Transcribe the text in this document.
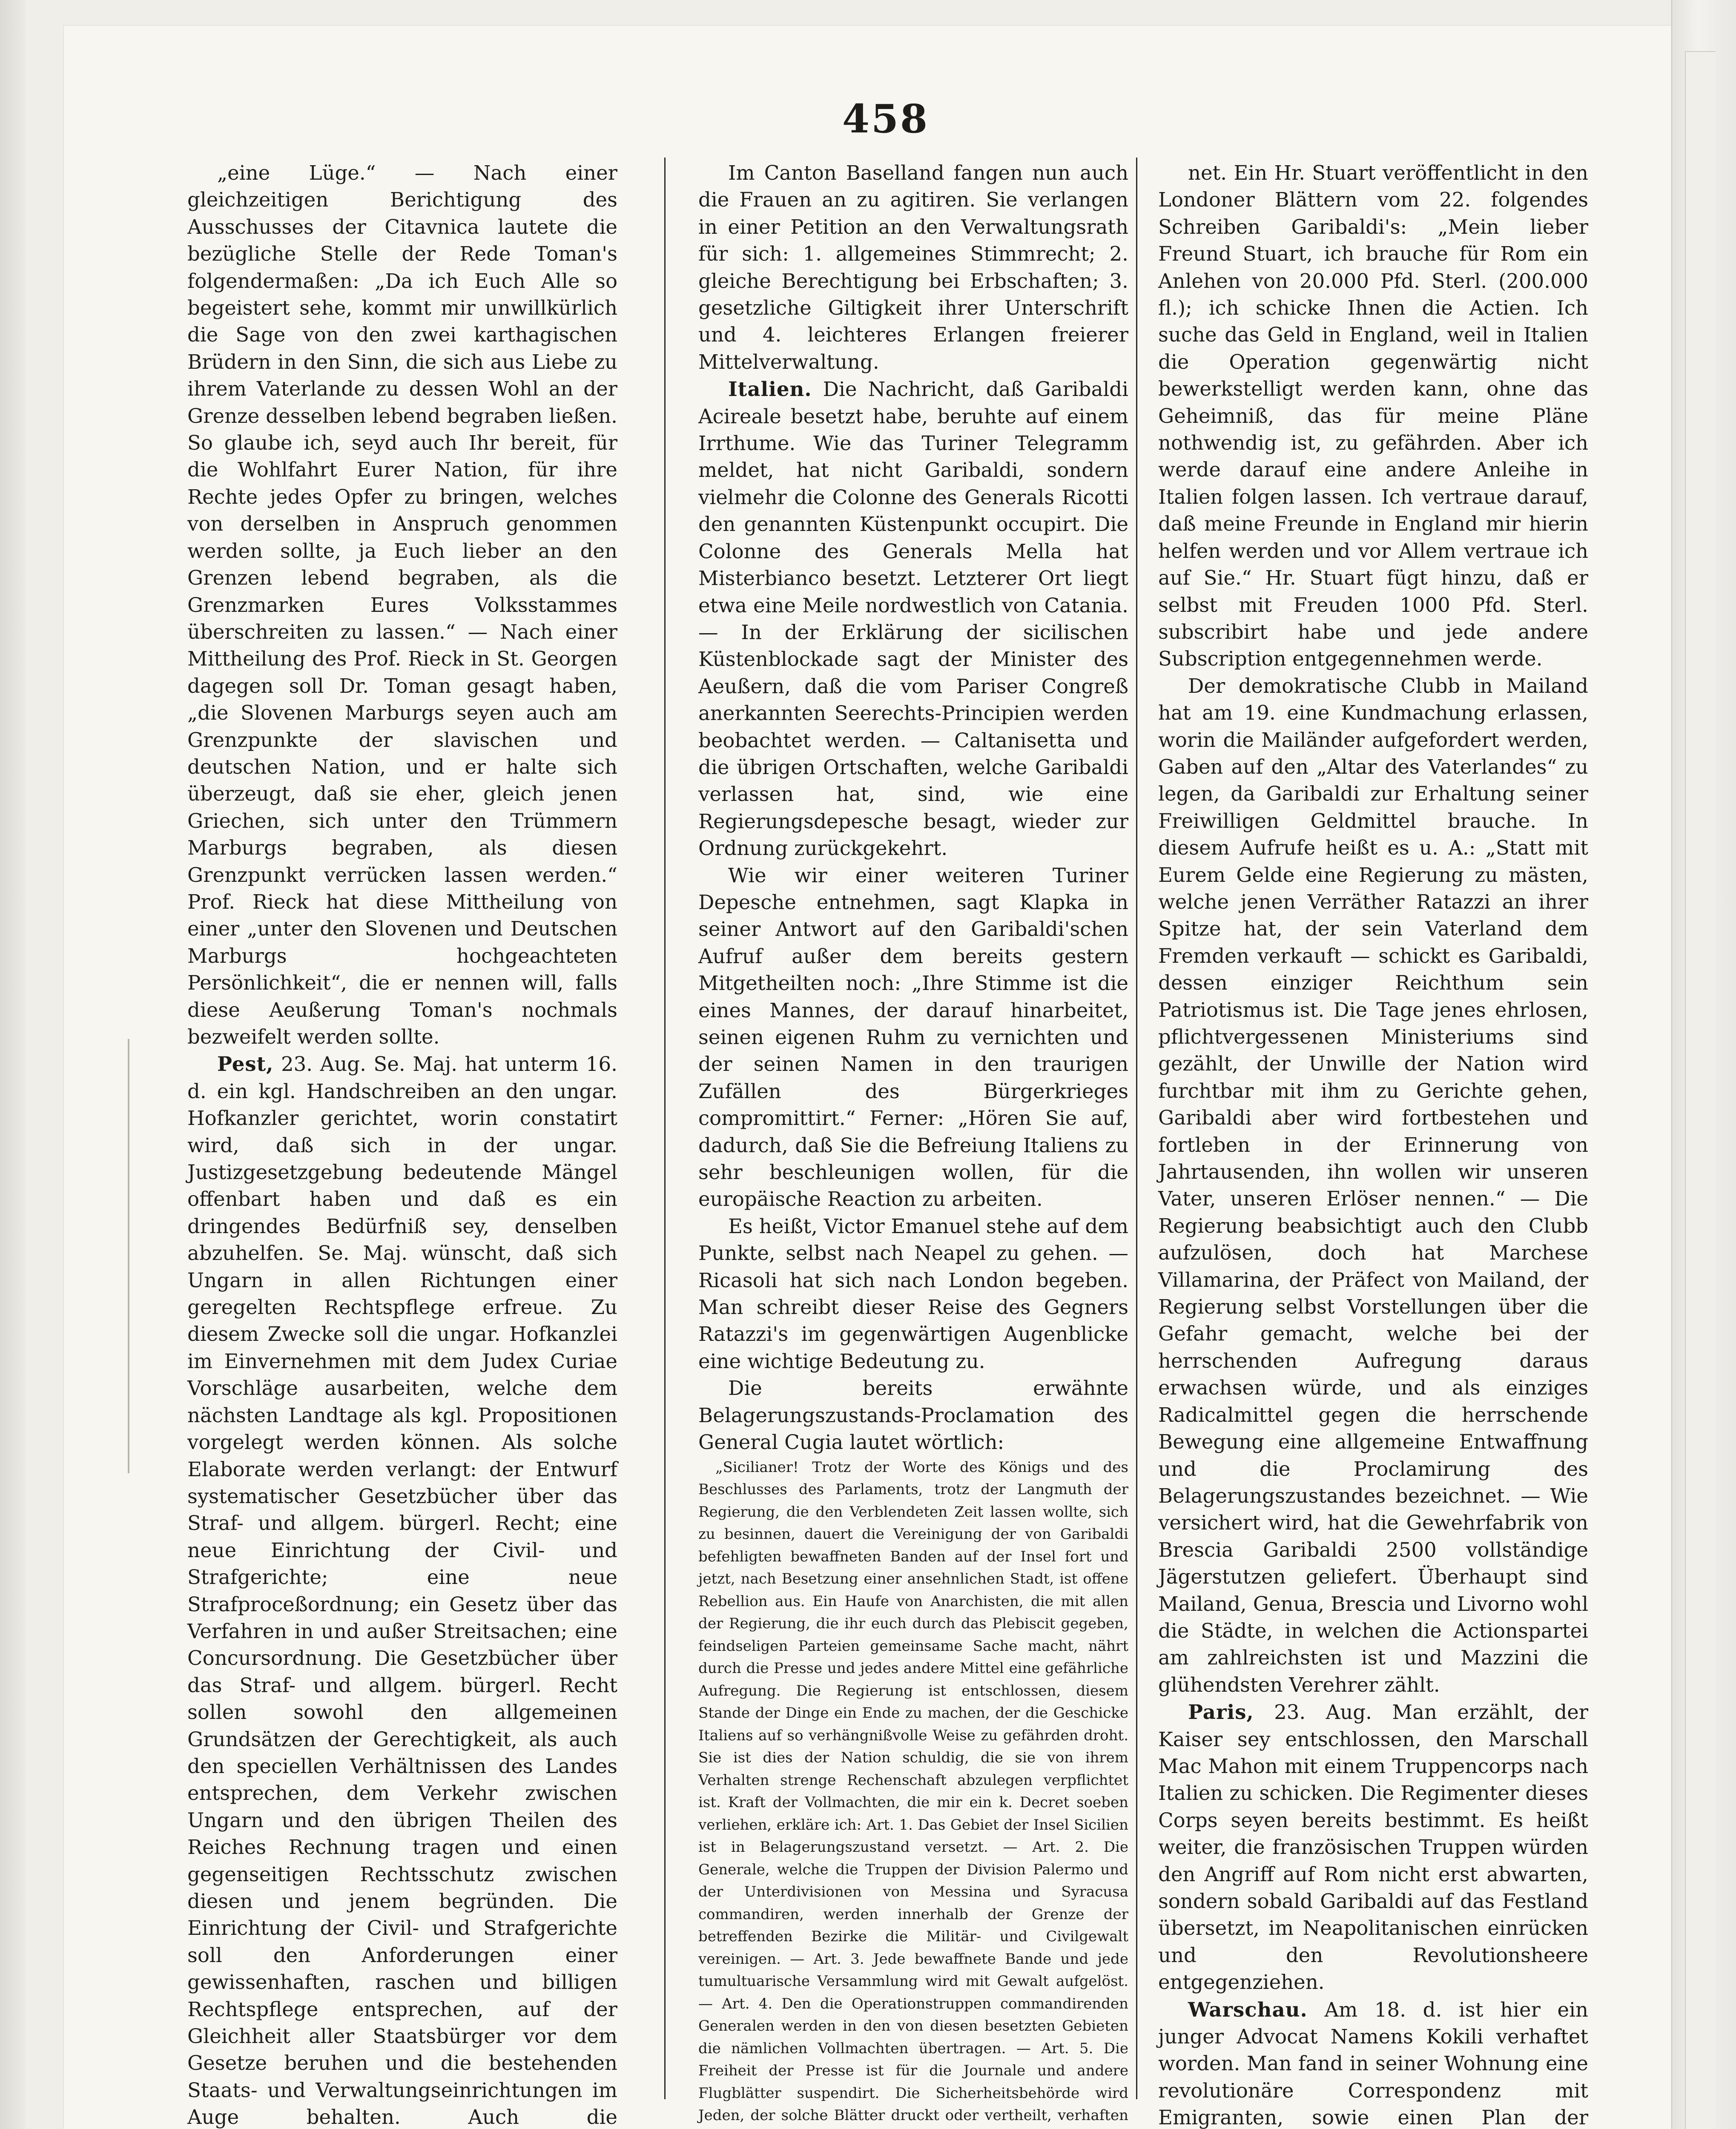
458

„eine Lüge.“ — Nach einer gleichzeitigen Berichtigung des Ausschusses der Citavnica lautete die bezügliche Stelle der Rede Toman's folgendermaßen: „Da ich Euch Alle so begeistert sehe, kommt mir unwillkürlich die Sage von den zwei karthagischen Brüdern in den Sinn, die sich aus Liebe zu ihrem Vaterlande zu dessen Wohl an der Grenze desselben lebend begraben ließen. So glaube ich, seyd auch Ihr bereit, für die Wohlfahrt Eurer Nation, für ihre Rechte jedes Opfer zu bringen, welches von derselben in Anspruch genommen werden sollte, ja Euch lieber an den Grenzen lebend begraben, als die Grenzmarken Eures Volksstammes überschreiten zu lassen.“ — Nach einer Mittheilung des Prof. Rieck in St. Georgen dagegen soll Dr. Toman gesagt haben, „die Slovenen Marburgs seyen auch am Grenzpunkte der slavischen und deutschen Nation, und er halte sich überzeugt, daß sie eher, gleich jenen Griechen, sich unter den Trümmern Marburgs begraben, als diesen Grenzpunkt verrücken lassen werden.“ Prof. Rieck hat diese Mittheilung von einer „unter den Slovenen und Deutschen Marburgs hochgeachteten Persönlichkeit“, die er nennen will, falls diese Aeußerung Toman's nochmals bezweifelt werden sollte.

Pest, 23. Aug. Se. Maj. hat unterm 16. d. ein kgl. Handschreiben an den ungar. Hofkanzler gerichtet, worin constatirt wird, daß sich in der ungar. Justizgesetzgebung bedeutende Mängel offenbart haben und daß es ein dringendes Bedürfniß sey, denselben abzuhelfen. Se. Maj. wünscht, daß sich Ungarn in allen Richtungen einer geregelten Rechtspflege erfreue. Zu diesem Zwecke soll die ungar. Hofkanzlei im Einvernehmen mit dem Judex Curiae Vorschläge ausarbeiten, welche dem nächsten Landtage als kgl. Propositionen vorgelegt werden können. Als solche Elaborate werden verlangt: der Entwurf systematischer Gesetzbücher über das Straf- und allgem. bürgerl. Recht; eine neue Einrichtung der Civil- und Strafgerichte; eine neue Strafproceßordnung; ein Gesetz über das Verfahren in und außer Streitsachen; eine Concursordnung. Die Gesetzbücher über das Straf- und allgem. bürgerl. Recht sollen sowohl den allgemeinen Grundsätzen der Gerechtigkeit, als auch den speciellen Verhältnissen des Landes entsprechen, dem Verkehr zwischen Ungarn und den übrigen Theilen des Reiches Rechnung tragen und einen gegenseitigen Rechtsschutz zwischen diesen und jenem begründen. Die Einrichtung der Civil- und Strafgerichte soll den Anforderungen einer gewissenhaften, raschen und billigen Rechtspflege entsprechen, auf der Gleichheit aller Staatsbürger vor dem Gesetze beruhen und die bestehenden Staats- und Verwaltungseinrichtungen im Auge behalten. Auch die

Im Canton Baselland fangen nun auch die Frauen an zu agitiren. Sie verlangen in einer Petition an den Verwaltungsrath für sich: 1. allgemeines Stimmrecht; 2. gleiche Berechtigung bei Erbschaften; 3. gesetzliche Giltigkeit ihrer Unterschrift und 4. leichteres Erlangen freierer Mittelverwaltung.

Italien. Die Nachricht, daß Garibaldi Acireale besetzt habe, beruhte auf einem Irrthume. Wie das Turiner Telegramm meldet, hat nicht Garibaldi, sondern vielmehr die Colonne des Generals Ricotti den genannten Küstenpunkt occupirt. Die Colonne des Generals Mella hat Misterbianco besetzt. Letzterer Ort liegt etwa eine Meile nordwestlich von Catania. — In der Erklärung der sicilischen Küstenblockade sagt der Minister des Aeußern, daß die vom Pariser Congreß anerkannten Seerechts-Principien werden beobachtet werden. — Caltanisetta und die übrigen Ortschaften, welche Garibaldi verlassen hat, sind, wie eine Regierungsdepesche besagt, wieder zur Ordnung zurückgekehrt.

Wie wir einer weiteren Turiner Depesche entnehmen, sagt Klapka in seiner Antwort auf den Garibaldi'schen Aufruf außer dem bereits gestern Mitgetheilten noch: „Ihre Stimme ist die eines Mannes, der darauf hinarbeitet, seinen eigenen Ruhm zu vernichten und der seinen Namen in den traurigen Zufällen des Bürgerkrieges compromittirt.“ Ferner: „Hören Sie auf, dadurch, daß Sie die Befreiung Italiens zu sehr beschleunigen wollen, für die europäische Reaction zu arbeiten.

Es heißt, Victor Emanuel stehe auf dem Punkte, selbst nach Neapel zu gehen. — Ricasoli hat sich nach London begeben. Man schreibt dieser Reise des Gegners Ratazzi's im gegenwärtigen Augenblicke eine wichtige Bedeutung zu.

Die bereits erwähnte Belagerungszustands-Proclamation des General Cugia lautet wörtlich:

„Sicilianer! Trotz der Worte des Königs und des Beschlusses des Parlaments, trotz der Langmuth der Regierung, die den Verblendeten Zeit lassen wollte, sich zu besinnen, dauert die Vereinigung der von Garibaldi befehligten bewaffneten Banden auf der Insel fort und jetzt, nach Besetzung einer ansehnlichen Stadt, ist offene Rebellion aus. Ein Haufe von Anarchisten, die mit allen der Regierung, die ihr euch durch das Plebiscit gegeben, feindseligen Parteien gemeinsame Sache macht, nährt durch die Presse und jedes andere Mittel eine gefährliche Aufregung. Die Regierung ist entschlossen, diesem Stande der Dinge ein Ende zu machen, der die Geschicke Italiens auf so verhängnißvolle Weise zu gefährden droht. Sie ist dies der Nation schuldig, die sie von ihrem Verhalten strenge Rechenschaft abzulegen verpflichtet ist. Kraft der Vollmachten, die mir ein k. Decret soeben verliehen, erkläre ich: Art. 1. Das Gebiet der Insel Sicilien ist in Belagerungszustand versetzt. — Art. 2. Die Generale, welche die Truppen der Division Palermo und der Unterdivisionen von Messina und Syracusa commandiren, werden innerhalb der Grenze der betreffenden Bezirke die Militär- und Civilgewalt vereinigen. — Art. 3. Jede bewaffnete Bande und jede tumultuarische Versammlung wird mit Gewalt aufgelöst. — Art. 4. Den die Operationstruppen commandirenden Generalen werden in den von diesen besetzten Gebieten die nämlichen Vollmachten übertragen. — Art. 5. Die Freiheit der Presse ist für die Journale und andere Flugblätter suspendirt. Die Sicherheitsbehörde wird Jeden, der solche Blätter druckt oder vertheilt, verhaften

net. Ein Hr. Stuart veröffentlicht in den Londoner Blättern vom 22. folgendes Schreiben Garibaldi's: „Mein lieber Freund Stuart, ich brauche für Rom ein Anlehen von 20.000 Pfd. Sterl. (200.000 fl.); ich schicke Ihnen die Actien. Ich suche das Geld in England, weil in Italien die Operation gegenwärtig nicht bewerkstelligt werden kann, ohne das Geheimniß, das für meine Pläne nothwendig ist, zu gefährden. Aber ich werde darauf eine andere Anleihe in Italien folgen lassen. Ich vertraue darauf, daß meine Freunde in England mir hierin helfen werden und vor Allem vertraue ich auf Sie.“ Hr. Stuart fügt hinzu, daß er selbst mit Freuden 1000 Pfd. Sterl. subscribirt habe und jede andere Subscription entgegennehmen werde.

Der demokratische Clubb in Mailand hat am 19. eine Kundmachung erlassen, worin die Mailänder aufgefordert werden, Gaben auf den „Altar des Vaterlandes“ zu legen, da Garibaldi zur Erhaltung seiner Freiwilligen Geldmittel brauche. In diesem Aufrufe heißt es u. A.: „Statt mit Eurem Gelde eine Regierung zu mästen, welche jenen Verräther Ratazzi an ihrer Spitze hat, der sein Vaterland dem Fremden verkauft — schickt es Garibaldi, dessen einziger Reichthum sein Patriotismus ist. Die Tage jenes ehrlosen, pflichtvergessenen Ministeriums sind gezählt, der Unwille der Nation wird furchtbar mit ihm zu Gerichte gehen, Garibaldi aber wird fortbestehen und fortleben in der Erinnerung von Jahrtausenden, ihn wollen wir unseren Vater, unseren Erlöser nennen.“ — Die Regierung beabsichtigt auch den Clubb aufzulösen, doch hat Marchese Villamarina, der Präfect von Mailand, der Regierung selbst Vorstellungen über die Gefahr gemacht, welche bei der herrschenden Aufregung daraus erwachsen würde, und als einziges Radicalmittel gegen die herrschende Bewegung eine allgemeine Entwaffnung und die Proclamirung des Belagerungszustandes bezeichnet. — Wie versichert wird, hat die Gewehrfabrik von Brescia Garibaldi 2500 vollständige Jägerstutzen geliefert. Überhaupt sind Mailand, Genua, Brescia und Livorno wohl die Städte, in welchen die Actionspartei am zahlreichsten ist und Mazzini die glühendsten Verehrer zählt.

Paris, 23. Aug. Man erzählt, der Kaiser sey entschlossen, den Marschall Mac Mahon mit einem Truppencorps nach Italien zu schicken. Die Regimenter dieses Corps seyen bereits bestimmt. Es heißt weiter, die französischen Truppen würden den Angriff auf Rom nicht erst abwarten, sondern sobald Garibaldi auf das Festland übersetzt, im Neapolitanischen einrücken und den Revolutionsheere entgegenziehen.

Warschau. Am 18. d. ist hier ein junger Advocat Namens Kokili verhaftet worden. Man fand in seiner Wohnung eine revolutionäre Correspondenz mit Emigranten, sowie einen Plan der
